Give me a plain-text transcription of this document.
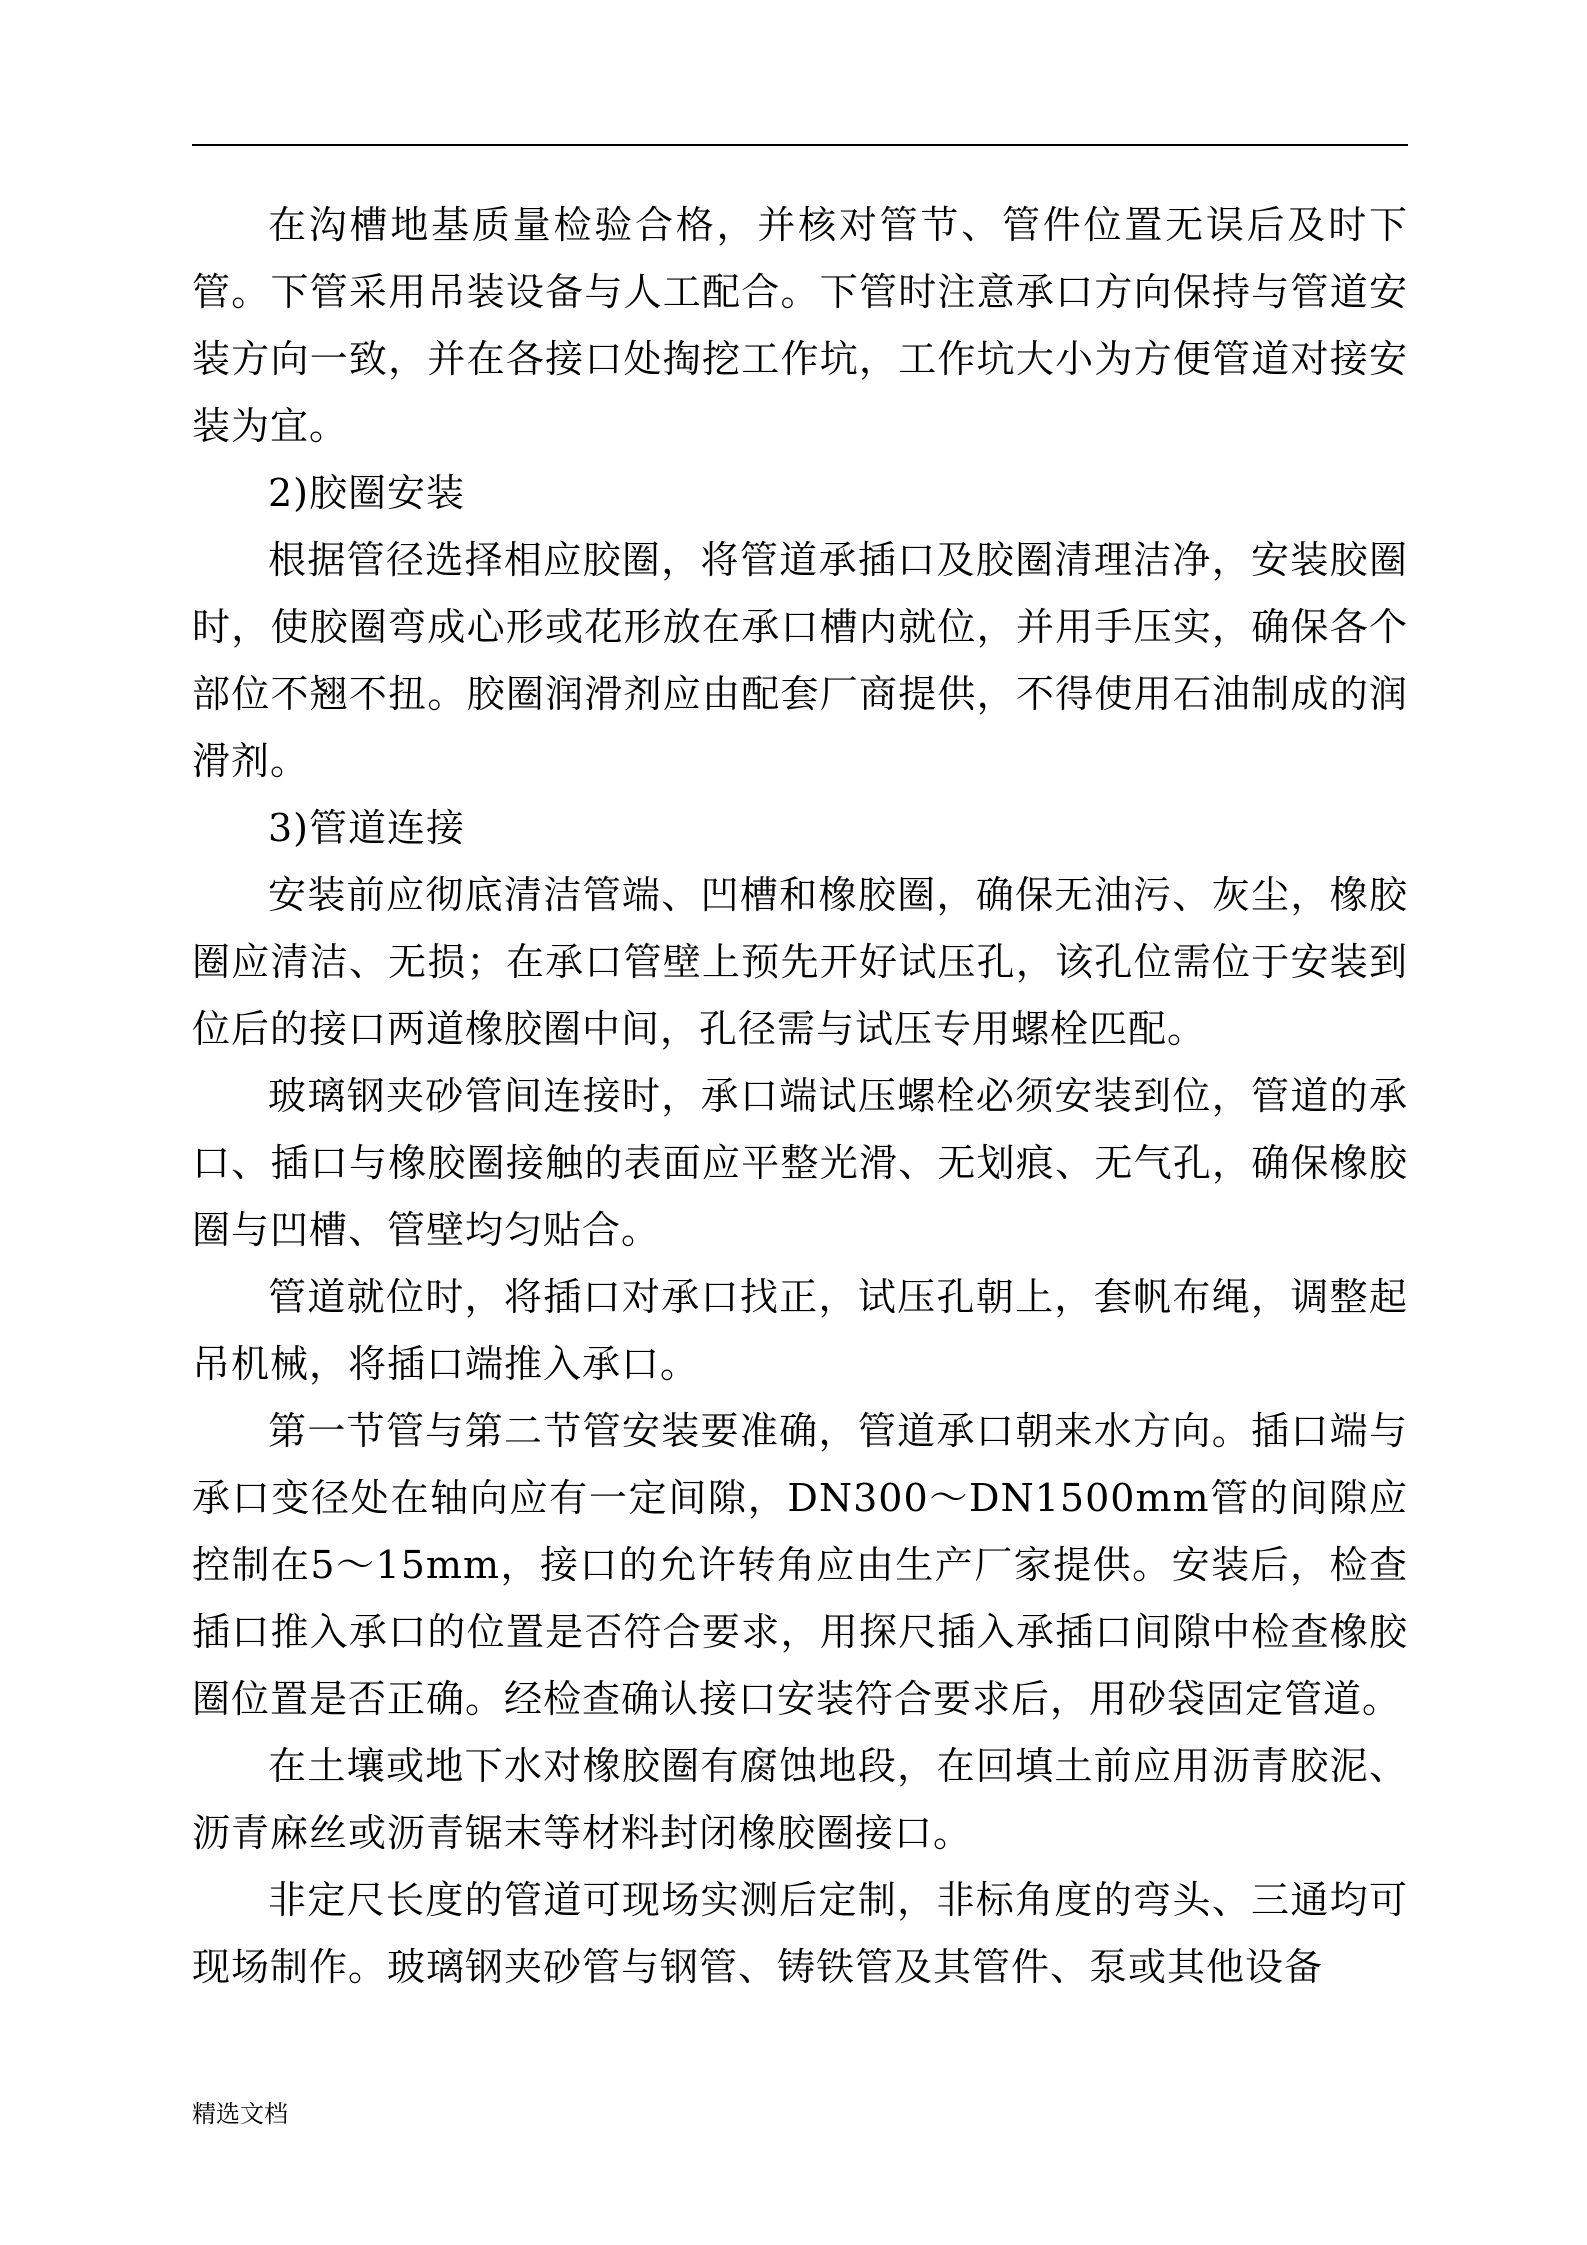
在沟槽地基质量检验合格，并核对管节、管件位置无误后及时下管。下管采用吊装设备与人工配合。下管时注意承口方向保持与管道安装方向一致，并在各接口处掏挖工作坑，工作坑大小为方便管道对接安装为宜。

2)胶圈安装

根据管径选择相应胶圈，将管道承插口及胶圈清理洁净，安装胶圈时，使胶圈弯成心形或花形放在承口槽内就位，并用手压实，确保各个部位不翘不扭。胶圈润滑剂应由配套厂商提供，不得使用石油制成的润滑剂。

3)管道连接

安装前应彻底清洁管端、凹槽和橡胶圈，确保无油污、灰尘，橡胶圈应清洁、无损；在承口管壁上预先开好试压孔，该孔位需位于安装到位后的接口两道橡胶圈中间，孔径需与试压专用螺栓匹配。

玻璃钢夹砂管间连接时，承口端试压螺栓必须安装到位，管道的承口、插口与橡胶圈接触的表面应平整光滑、无划痕、无气孔，确保橡胶圈与凹槽、管壁均匀贴合。

管道就位时，将插口对承口找正，试压孔朝上，套帆布绳，调整起吊机械，将插口端推入承口。

第一节管与第二节管安装要准确，管道承口朝来水方向。插口端与承口变径处在轴向应有一定间隙，DN300～DN1500mm管的间隙应控制在5～15mm，接口的允许转角应由生产厂家提供。安装后，检查插口推入承口的位置是否符合要求，用探尺插入承插口间隙中检查橡胶圈位置是否正确。经检查确认接口安装符合要求后，用砂袋固定管道。

在土壤或地下水对橡胶圈有腐蚀地段，在回填土前应用沥青胶泥、沥青麻丝或沥青锯末等材料封闭橡胶圈接口。

非定尺长度的管道可现场实测后定制，非标角度的弯头、三通均可现场制作。玻璃钢夹砂管与钢管、铸铁管及其管件、泵或其他设备

精选文档
